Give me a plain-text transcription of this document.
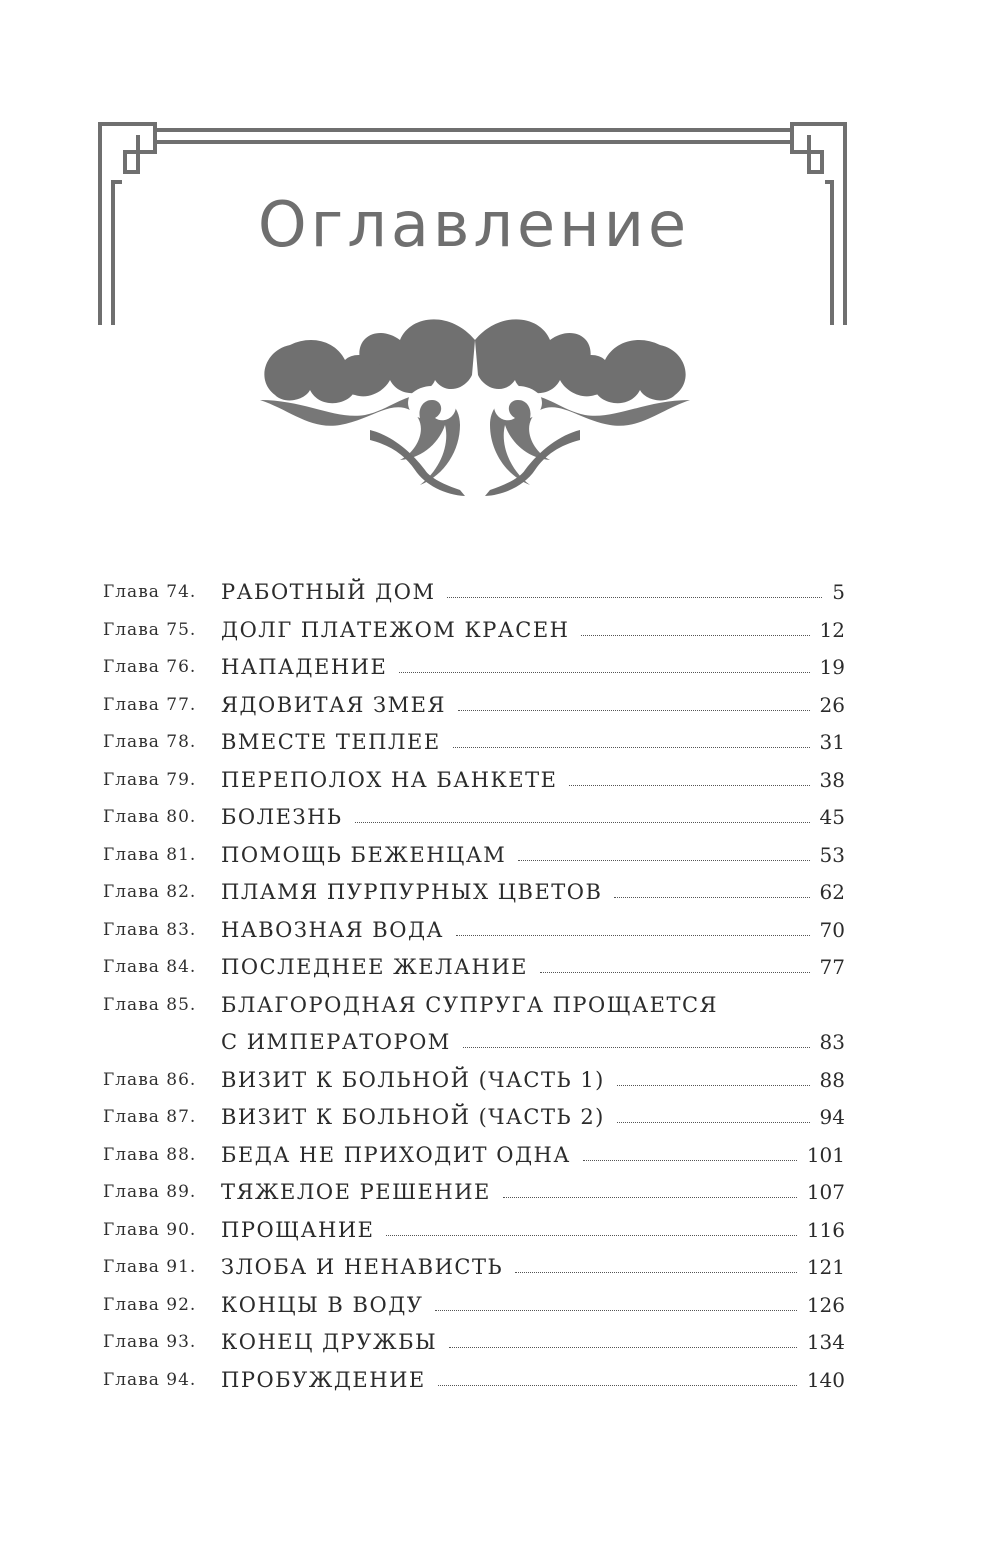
Оглавление
Глава 74.	РАБОТНЫЙ ДОМ	5
Глава 75.	ДОЛГ ПЛАТЕЖОМ КРАСЕН	12
Глава 76.	НАПАДЕНИЕ	19
Глава 77.	ЯДОВИТАЯ ЗМЕЯ	26
Глава 78.	ВМЕСТЕ ТЕПЛЕЕ	31
Глава 79.	ПЕРЕПОЛОХ НА БАНКЕТЕ	38
Глава 80.	БОЛЕЗНЬ	45
Глава 81.	ПОМОЩЬ БЕЖЕНЦАМ	53
Глава 82.	ПЛАМЯ ПУРПУРНЫХ ЦВЕТОВ	62
Глава 83.	НАВОЗНАЯ ВОДА	70
Глава 84.	ПОСЛЕДНЕЕ ЖЕЛАНИЕ	77
Глава 85.	БЛАГОРОДНАЯ СУПРУГА ПРОЩАЕТСЯ
С ИМПЕРАТОРОМ	83
Глава 86.	ВИЗИТ К БОЛЬНОЙ (ЧАСТЬ 1)	88
Глава 87.	ВИЗИТ К БОЛЬНОЙ (ЧАСТЬ 2)	94
Глава 88.	БЕДА НЕ ПРИХОДИТ ОДНА	101
Глава 89.	ТЯЖЕЛОЕ РЕШЕНИЕ	107
Глава 90.	ПРОЩАНИЕ	116
Глава 91.	ЗЛОБА И НЕНАВИСТЬ	121
Глава 92.	КОНЦЫ В ВОДУ	126
Глава 93.	КОНЕЦ ДРУЖБЫ	134
Глава 94.	ПРОБУЖДЕНИЕ	140
